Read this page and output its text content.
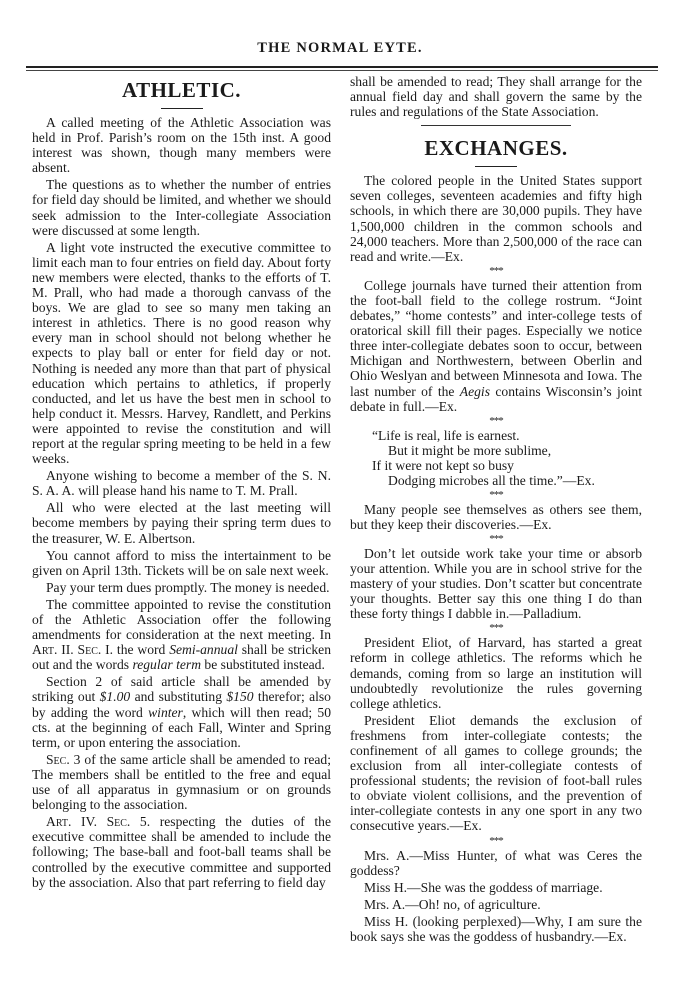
THE NORMAL EYTE.
ATHLETIC.

A called meeting of the Athletic Association was held in Prof. Parish’s room on the 15th inst. A good interest was shown, though many members were absent.

The questions as to whether the number of entries for field day should be limited, and whether we should seek admission to the Inter-collegiate Association were discussed at some length.

A light vote instructed the executive committee to limit each man to four entries on field day. About forty new members were elected, thanks to the efforts of T. M. Prall, who had made a thorough canvass of the boys. We are glad to see so many men taking an interest in athletics. There is no good reason why every man in school should not belong whether he expects to play ball or enter for field day or not. Nothing is needed any more than that part of physical education which pertains to athletics, if properly conducted, and let us have the best men in school to help conduct it. Messrs. Harvey, Randlett, and Perkins were appointed to revise the constitution and will report at the regular spring meeting to be held in a few weeks.

Anyone wishing to become a member of the S. N. S. A. A. will please hand his name to T. M. Prall.

All who were elected at the last meeting will become members by paying their spring term dues to the treasurer, W. E. Albertson.

You cannot afford to miss the intertainment to be given on April 13th. Tickets will be on sale next week.

Pay your term dues promptly. The money is needed.

The committee appointed to revise the constitution of the Athletic Association offer the following amendments for consideration at the next meeting. In Art. II. Sec. I. the word Semi-annual shall be stricken out and the words regular term be substituted instead.

Section 2 of said article shall be amended by striking out $1.00 and substituting $150 therefor; also by adding the word winter, which will then read; 50 cts. at the beginning of each Fall, Winter and Spring term, or upon entering the association.

Sec. 3 of the same article shall be amended to read; The members shall be entitled to the free and equal use of all apparatus in gymnasium or on grounds belonging to the association.

Art. IV. Sec. 5. respecting the duties of the executive committee shall be amended to include the following; The base-ball and foot-ball teams shall be controlled by the executive committee and supported by the association. Also that part referring to field day

shall be amended to read; They shall arrange for the annual field day and shall govern the same by the rules and regulations of the State Association.

EXCHANGES.

The colored people in the United States support seven colleges, seventeen academies and fifty high schools, in which there are 30,000 pupils. They have 1,500,000 children in the common schools and 24,000 teachers. More than 2,500,000 of the race can read and write.—Ex.

***

College journals have turned their attention from the foot-ball field to the college rostrum. “Joint debates,” “home contests” and inter-college tests of oratorical skill fill their pages. Especially we notice three inter-collegiate debates soon to occur, between Michigan and Northwestern, between Oberlin and Ohio Weslyan and between Minnesota and Iowa. The last number of the Aegis contains Wisconsin’s joint debate in full.—Ex.

***
“Life is real, life is earnest.
But it might be more sublime,
If it were not kept so busy
Dodging microbes all the time.”—Ex.
***

Many people see themselves as others see them, but they keep their discoveries.—Ex.

***

Don’t let outside work take your time or absorb your attention. While you are in school strive for the mastery of your studies. Don’t scatter but concentrate your thoughts. Better say this one thing I do than these forty things I dabble in.—Palladium.

***

President Eliot, of Harvard, has started a great reform in college athletics. The reforms which he demands, coming from so large an institution will undoubtedly revolutionize the rules governing college athletics.

President Eliot demands the exclusion of freshmens from inter-collegiate contests; the confinement of all games to college grounds; the exclusion from all inter-collegiate contests of professional students; the revision of foot-ball rules to obviate violent collisions, and the prevention of inter-collegiate contests in any one sport in any two consecutive years.—Ex.

***

Mrs. A.—Miss Hunter, of what was Ceres the goddess?

Miss H.—She was the goddess of marriage.

Mrs. A.—Oh! no, of agriculture.

Miss H. (looking perplexed)—Why, I am sure the book says she was the goddess of husbandry.—Ex.
